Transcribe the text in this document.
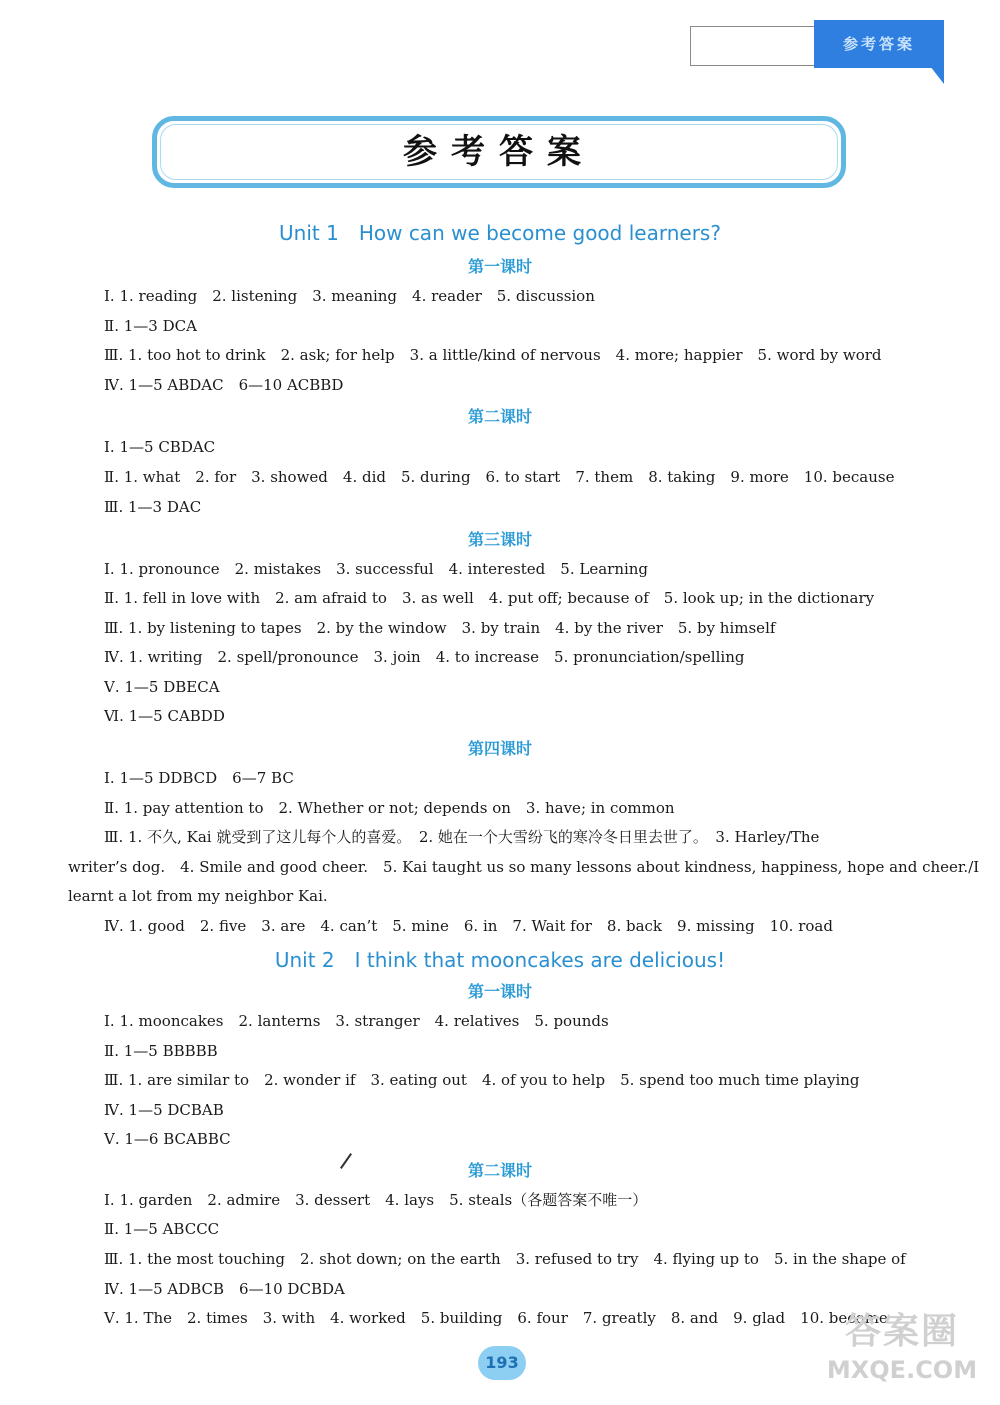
参考答案
参考答案
Unit 1　How can we become good learners?
第一课时
Ⅰ. 1. reading　2. listening　3. meaning　4. reader　5. discussion
Ⅱ. 1—3 DCA
Ⅲ. 1. too hot to drink　2. ask; for help　3. a little/kind of nervous　4. more; happier　5. word by word
Ⅳ. 1—5 ABDAC　6—10 ACBBD
第二课时
Ⅰ. 1—5 CBDAC
Ⅱ. 1. what　2. for　3. showed　4. did　5. during　6. to start　7. them　8. taking　9. more　10. because
Ⅲ. 1—3 DAC
第三课时
Ⅰ. 1. pronounce　2. mistakes　3. successful　4. interested　5. Learning
Ⅱ. 1. fell in love with　2. am afraid to　3. as well　4. put off; because of　5. look up; in the dictionary
Ⅲ. 1. by listening to tapes　2. by the window　3. by train　4. by the river　5. by himself
Ⅳ. 1. writing　2. spell/pronounce　3. join　4. to increase　5. pronunciation/spelling
Ⅴ. 1—5 DBECA
Ⅵ. 1—5 CABDD
第四课时
Ⅰ. 1—5 DDBCD　6—7 BC
Ⅱ. 1. pay attention to　2. Whether or not; depends on　3. have; in common
Ⅲ. 1. 不久, Kai 就受到了这儿每个人的喜爱。　2. 她在一个大雪纷飞的寒冷冬日里去世了。　3. Harley/The
writer’s dog.　4. Smile and good cheer.　5. Kai taught us so many lessons about kindness, happiness, hope and cheer./I
learnt a lot from my neighbor Kai.
Ⅳ. 1. good　2. five　3. are　4. can’t　5. mine　6. in　7. Wait for　8. back　9. missing　10. road
Unit 2　I think that mooncakes are delicious!
第一课时
Ⅰ. 1. mooncakes　2. lanterns　3. stranger　4. relatives　5. pounds
Ⅱ. 1—5 BBBBB
Ⅲ. 1. are similar to　2. wonder if　3. eating out　4. of you to help　5. spend too much time playing
Ⅳ. 1—5 DCBAB
Ⅴ. 1—6 BCABBC
第二课时
Ⅰ. 1. garden　2. admire　3. dessert　4. lays　5. steals（各题答案不唯一）
Ⅱ. 1—5 ABCCC
Ⅲ. 1. the most touching　2. shot down; on the earth　3. refused to try　4. flying up to　5. in the shape of
Ⅳ. 1—5 ADBCB　6—10 DCBDA
Ⅴ. 1. The　2. times　3. with　4. worked　5. building　6. four　7. greatly　8. and　9. glad　10. become
193
答案圈
MXQE.COM
